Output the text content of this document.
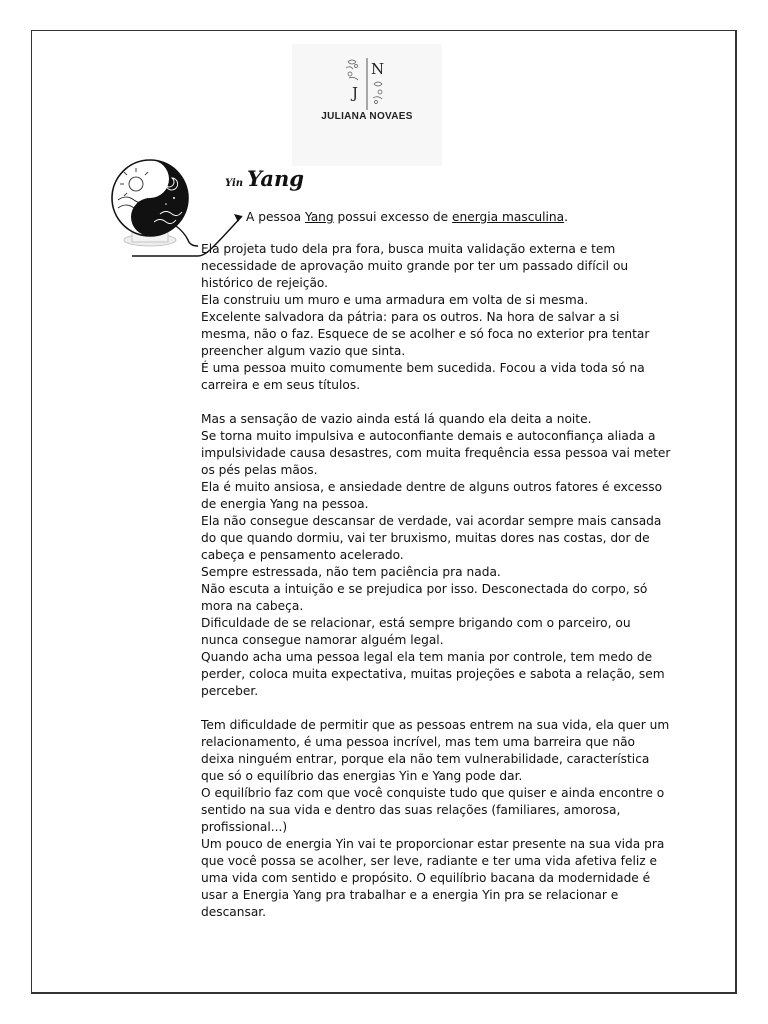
N
J
JULIANA NOVAES
Yin Yang
A pessoa Yang possui excesso de energia masculina.

Ela projeta tudo dela pra fora, busca muita validação externa e tem necessidade de aprovação muito grande por ter um passado difícil ou histórico de rejeição.

Ela construiu um muro e uma armadura em volta de si mesma.

Excelente salvadora da pátria: para os outros. Na hora de salvar a si mesma, não o faz. Esquece de se acolher e só foca no exterior pra tentar preencher algum vazio que sinta.

É uma pessoa muito comumente bem sucedida. Focou a vida toda só na carreira e em seus títulos.

Mas a sensação de vazio ainda está lá quando ela deita a noite.

Se torna muito impulsiva e autoconfiante demais e autoconfiança aliada a impulsividade causa desastres, com muita frequência essa pessoa vai meter os pés pelas mãos.

Ela é muito ansiosa, e ansiedade dentre de alguns outros fatores é excesso de energia Yang na pessoa.

Ela não consegue descansar de verdade, vai acordar sempre mais cansada do que quando dormiu, vai ter bruxismo, muitas dores nas costas, dor de cabeça e pensamento acelerado.

Sempre estressada, não tem paciência pra nada.

Não escuta a intuição e se prejudica por isso. Desconectada do corpo, só mora na cabeça.

Dificuldade de se relacionar, está sempre brigando com o parceiro, ou nunca consegue namorar alguém legal.

Quando acha uma pessoa legal ela tem mania por controle, tem medo de perder, coloca muita expectativa, muitas projeções e sabota a relação, sem perceber.

Tem dificuldade de permitir que as pessoas entrem na sua vida, ela quer um relacionamento, é uma pessoa incrível, mas tem uma barreira que não deixa ninguém entrar, porque ela não tem vulnerabilidade, característica que só o equilíbrio das energias Yin e Yang pode dar.

O equilíbrio faz com que você conquiste tudo que quiser e ainda encontre o sentido na sua vida e dentro das suas relações (familiares, amorosa, profissional...)

Um pouco de energia Yin vai te proporcionar estar presente na sua vida pra que você possa se acolher, ser leve, radiante e ter uma vida afetiva feliz e uma vida com sentido e propósito. O equilíbrio bacana da modernidade é usar a Energia Yang pra trabalhar e a energia Yin pra se relacionar e descansar.
